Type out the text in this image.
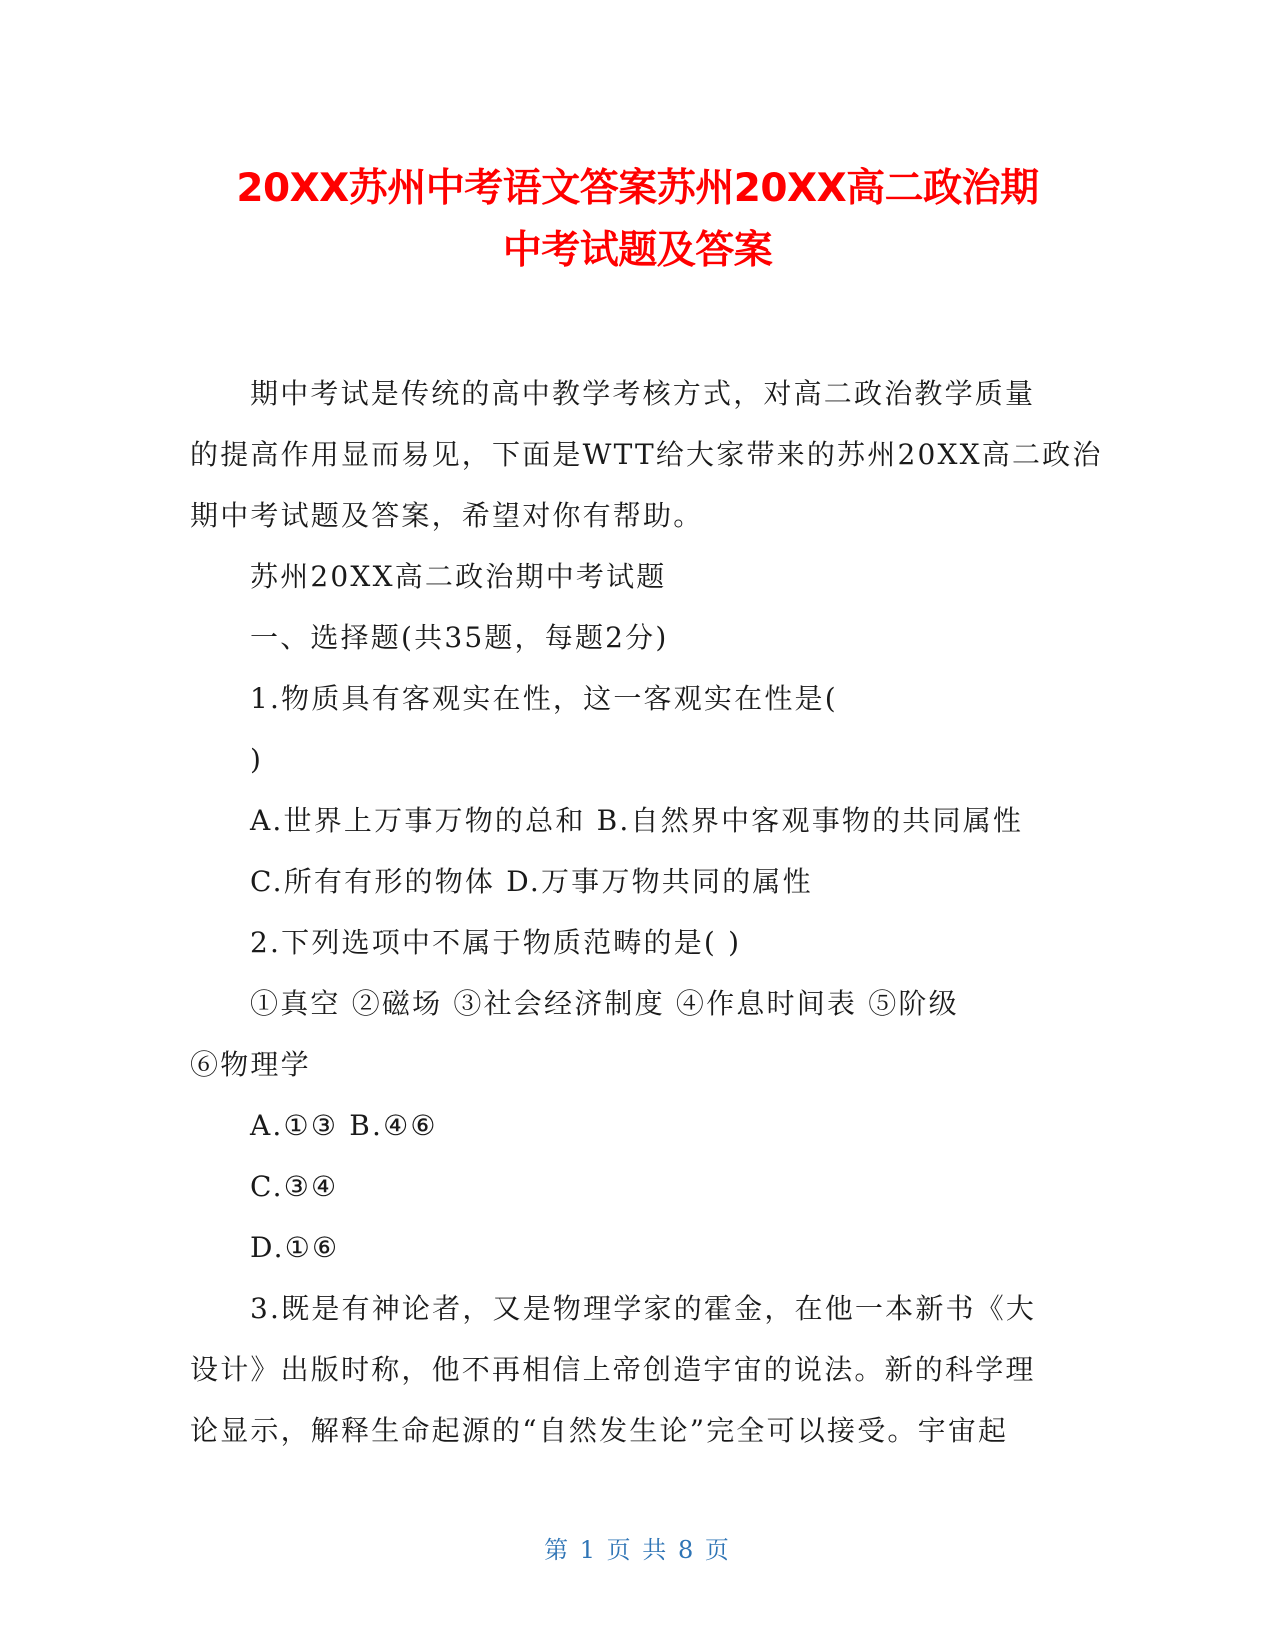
20XX苏州中考语文答案苏州20XX高二政治期
中考试题及答案

期中考试是传统的高中教学考核方式，对高二政治教学质量

的提高作用显而易见，下面是WTT给大家带来的苏州20XX高二政治

期中考试题及答案，希望对你有帮助。

苏州20XX高二政治期中考试题

一、选择题(共35题，每题2分)

1.物质具有客观实在性，这一客观实在性是(

)

A.世界上万事万物的总和 B.自然界中客观事物的共同属性

C.所有有形的物体 D.万事万物共同的属性

2.下列选项中不属于物质范畴的是( )

①真空 ②磁场 ③社会经济制度 ④作息时间表 ⑤阶级

⑥物理学

A.①③ B.④⑥

C.③④

D.①⑥

3.既是有神论者，又是物理学家的霍金，在他一本新书《大

设计》出版时称，他不再相信上帝创造宇宙的说法。新的科学理

论显示，解释生命起源的“自然发生论”完全可以接受。宇宙起

第 1 页 共 8 页
